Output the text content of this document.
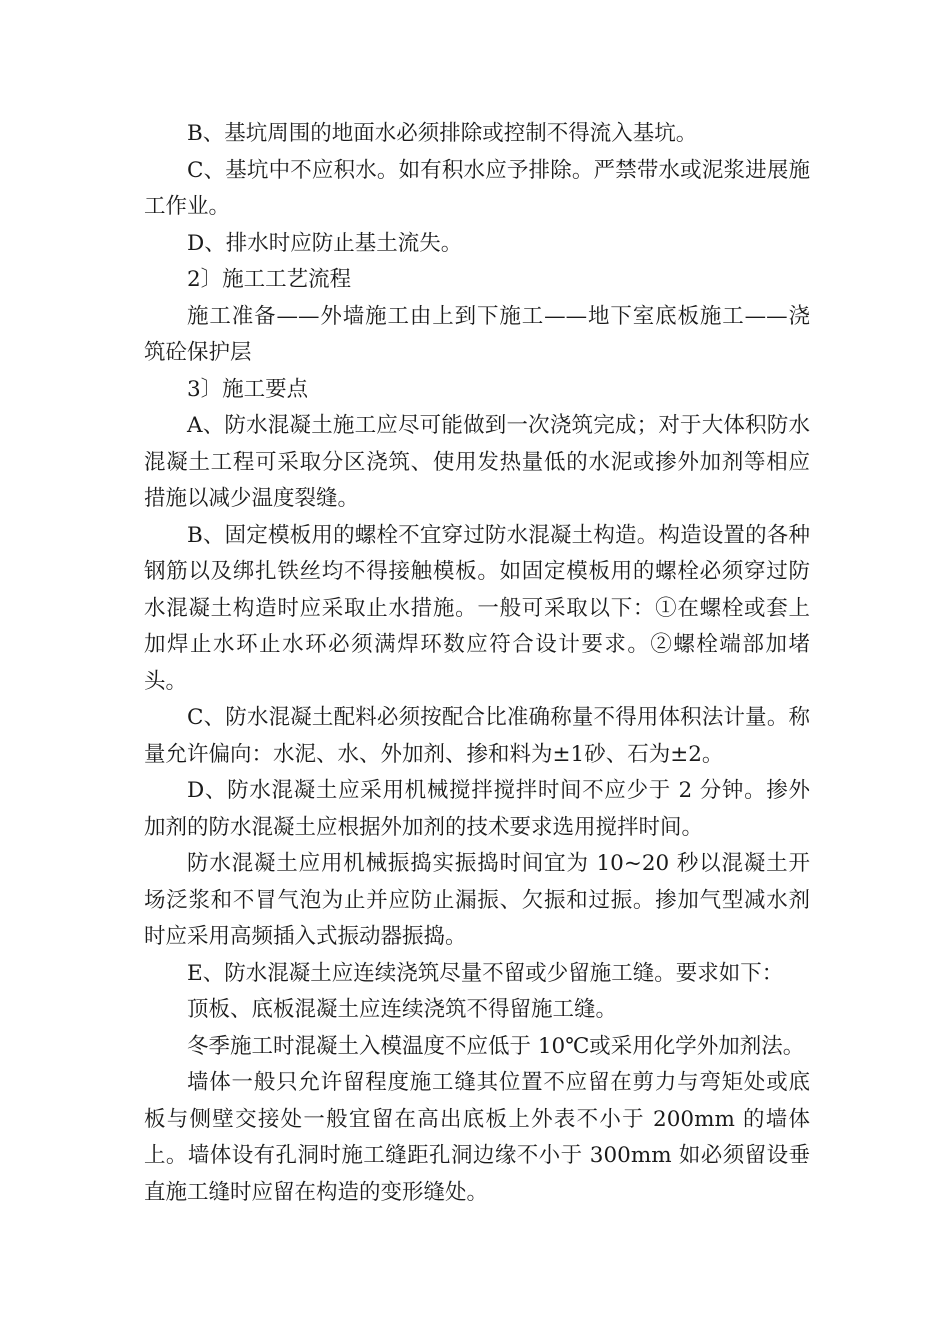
B、基坑周围的地面水必须排除或控制不得流入基坑。

C、基坑中不应积水。如有积水应予排除。严禁带水或泥浆进展施工作业。

D、排水时应防止基土流失。

2〕施工工艺流程

施工准备——外墙施工由上到下施工——地下室底板施工——浇筑砼保护层

3〕施工要点

A、防水混凝土施工应尽可能做到一次浇筑完成；对于大体积防水混凝土工程可采取分区浇筑、使用发热量低的水泥或掺外加剂等相应措施以减少温度裂缝。

B、固定模板用的螺栓不宜穿过防水混凝土构造。构造设置的各种钢筋以及绑扎铁丝均不得接触模板。如固定模板用的螺栓必须穿过防水混凝土构造时应采取止水措施。一般可采取以下：①在螺栓或套上加焊止水环止水环必须满焊环数应符合设计要求。②螺栓端部加堵头。

C、防水混凝土配料必须按配合比准确称量不得用体积法计量。称量允许偏向：水泥、水、外加剂、掺和料为±1砂、石为±2。

D、防水混凝土应采用机械搅拌搅拌时间不应少于 2 分钟。掺外加剂的防水混凝土应根据外加剂的技术要求选用搅拌时间。

防水混凝土应用机械振捣实振捣时间宜为 10~20 秒以混凝土开场泛浆和不冒气泡为止并应防止漏振、欠振和过振。掺加气型减水剂时应采用高频插入式振动器振捣。

E、防水混凝土应连续浇筑尽量不留或少留施工缝。要求如下：

顶板、底板混凝土应连续浇筑不得留施工缝。

冬季施工时混凝土入模温度不应低于 10℃或采用化学外加剂法。

墙体一般只允许留程度施工缝其位置不应留在剪力与弯矩处或底板与侧壁交接处一般宜留在高出底板上外表不小于 200mm 的墙体上。墙体设有孔洞时施工缝距孔洞边缘不小于 300mm 如必须留设垂直施工缝时应留在构造的变形缝处。
